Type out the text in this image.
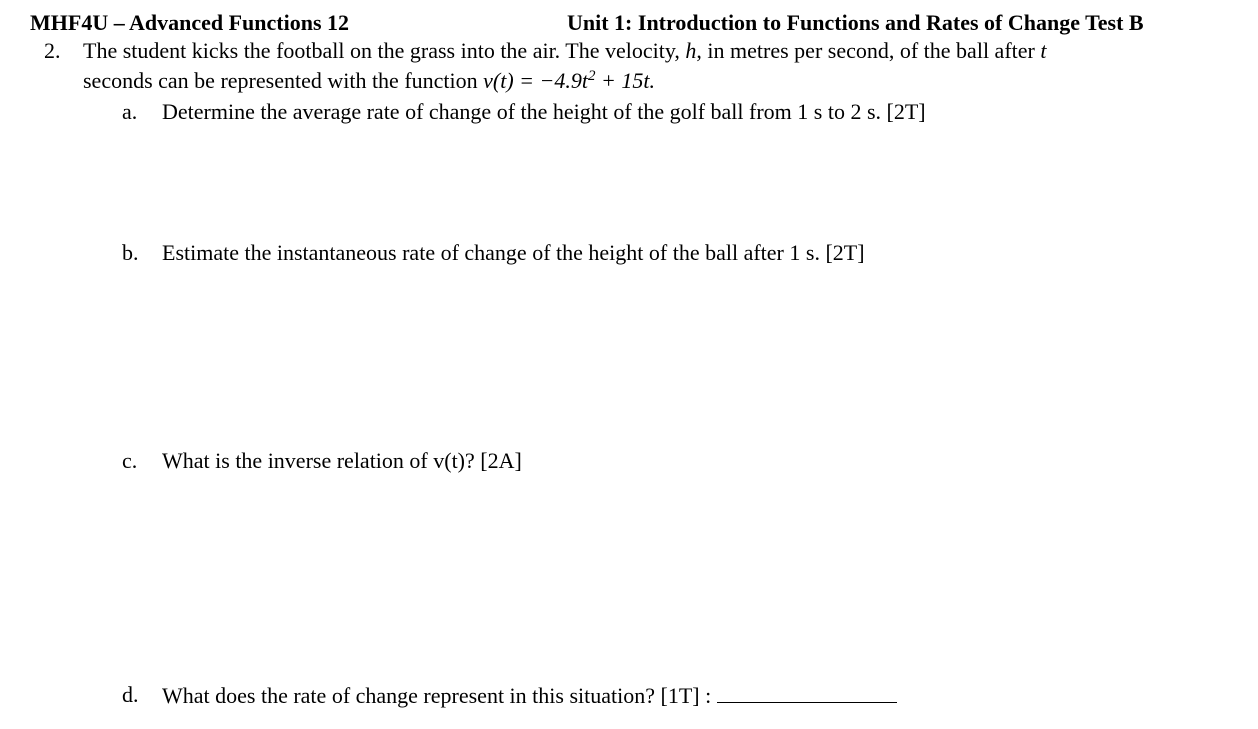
MHF4U – Advanced Functions 12	Unit 1: Introduction to Functions and Rates of Change Test B
2. The student kicks the football on the grass into the air. The velocity, h, in metres per second, of the ball after t
seconds can be represented with the function $v(t) = -4.9t^2 + 15t$.
a. Determine the average rate of change of the height of the golf ball from 1 s to 2 s. [2T]
b. Estimate the instantaneous rate of change of the height of the ball after 1 s. [2T]
c. What is the inverse relation of v(t)? [2A]
d. What does the rate of change represent in this situation? [1T] :
